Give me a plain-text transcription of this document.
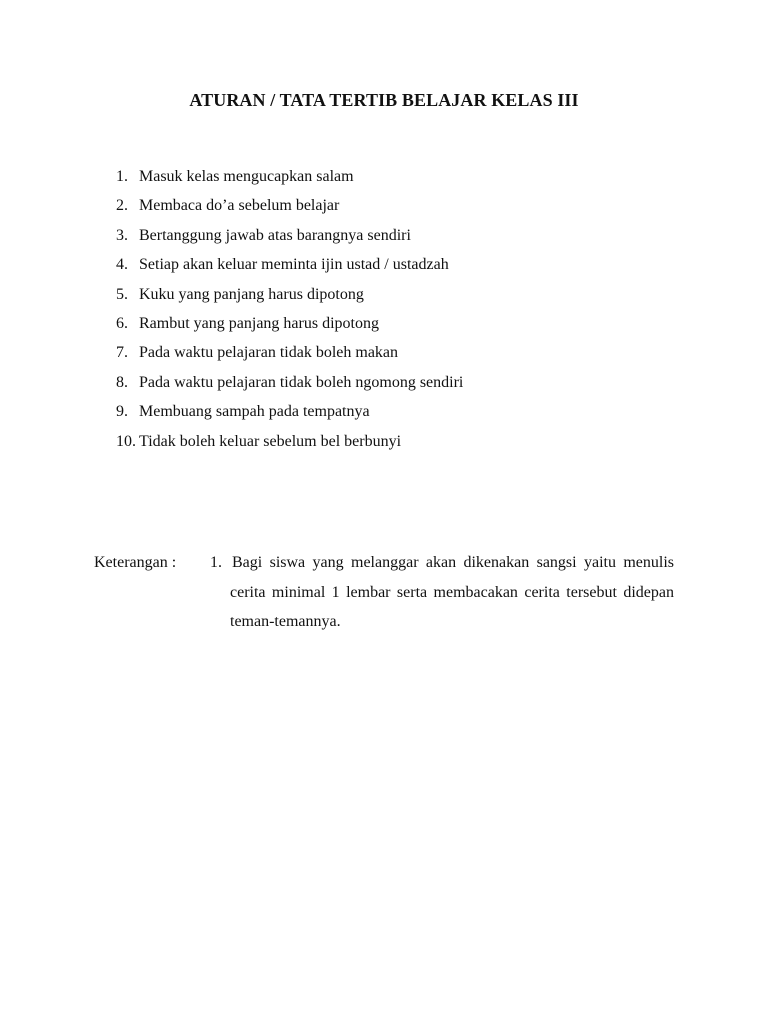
ATURAN / TATA TERTIB BELAJAR KELAS III
1. Masuk kelas mengucapkan salam
2. Membaca do’a sebelum belajar
3. Bertanggung jawab atas barangnya sendiri
4. Setiap akan keluar meminta ijin ustad / ustadzah
5. Kuku yang panjang harus dipotong
6. Rambut yang panjang harus dipotong
7. Pada waktu pelajaran tidak boleh makan
8. Pada waktu pelajaran tidak boleh ngomong sendiri
9. Membuang sampah pada tempatnya
10. Tidak boleh keluar sebelum bel berbunyi
Keterangan : 1. Bagi siswa yang melanggar akan dikenakan sangsi yaitu menulis cerita minimal 1 lembar serta membacakan cerita tersebut didepan teman-temannya.
